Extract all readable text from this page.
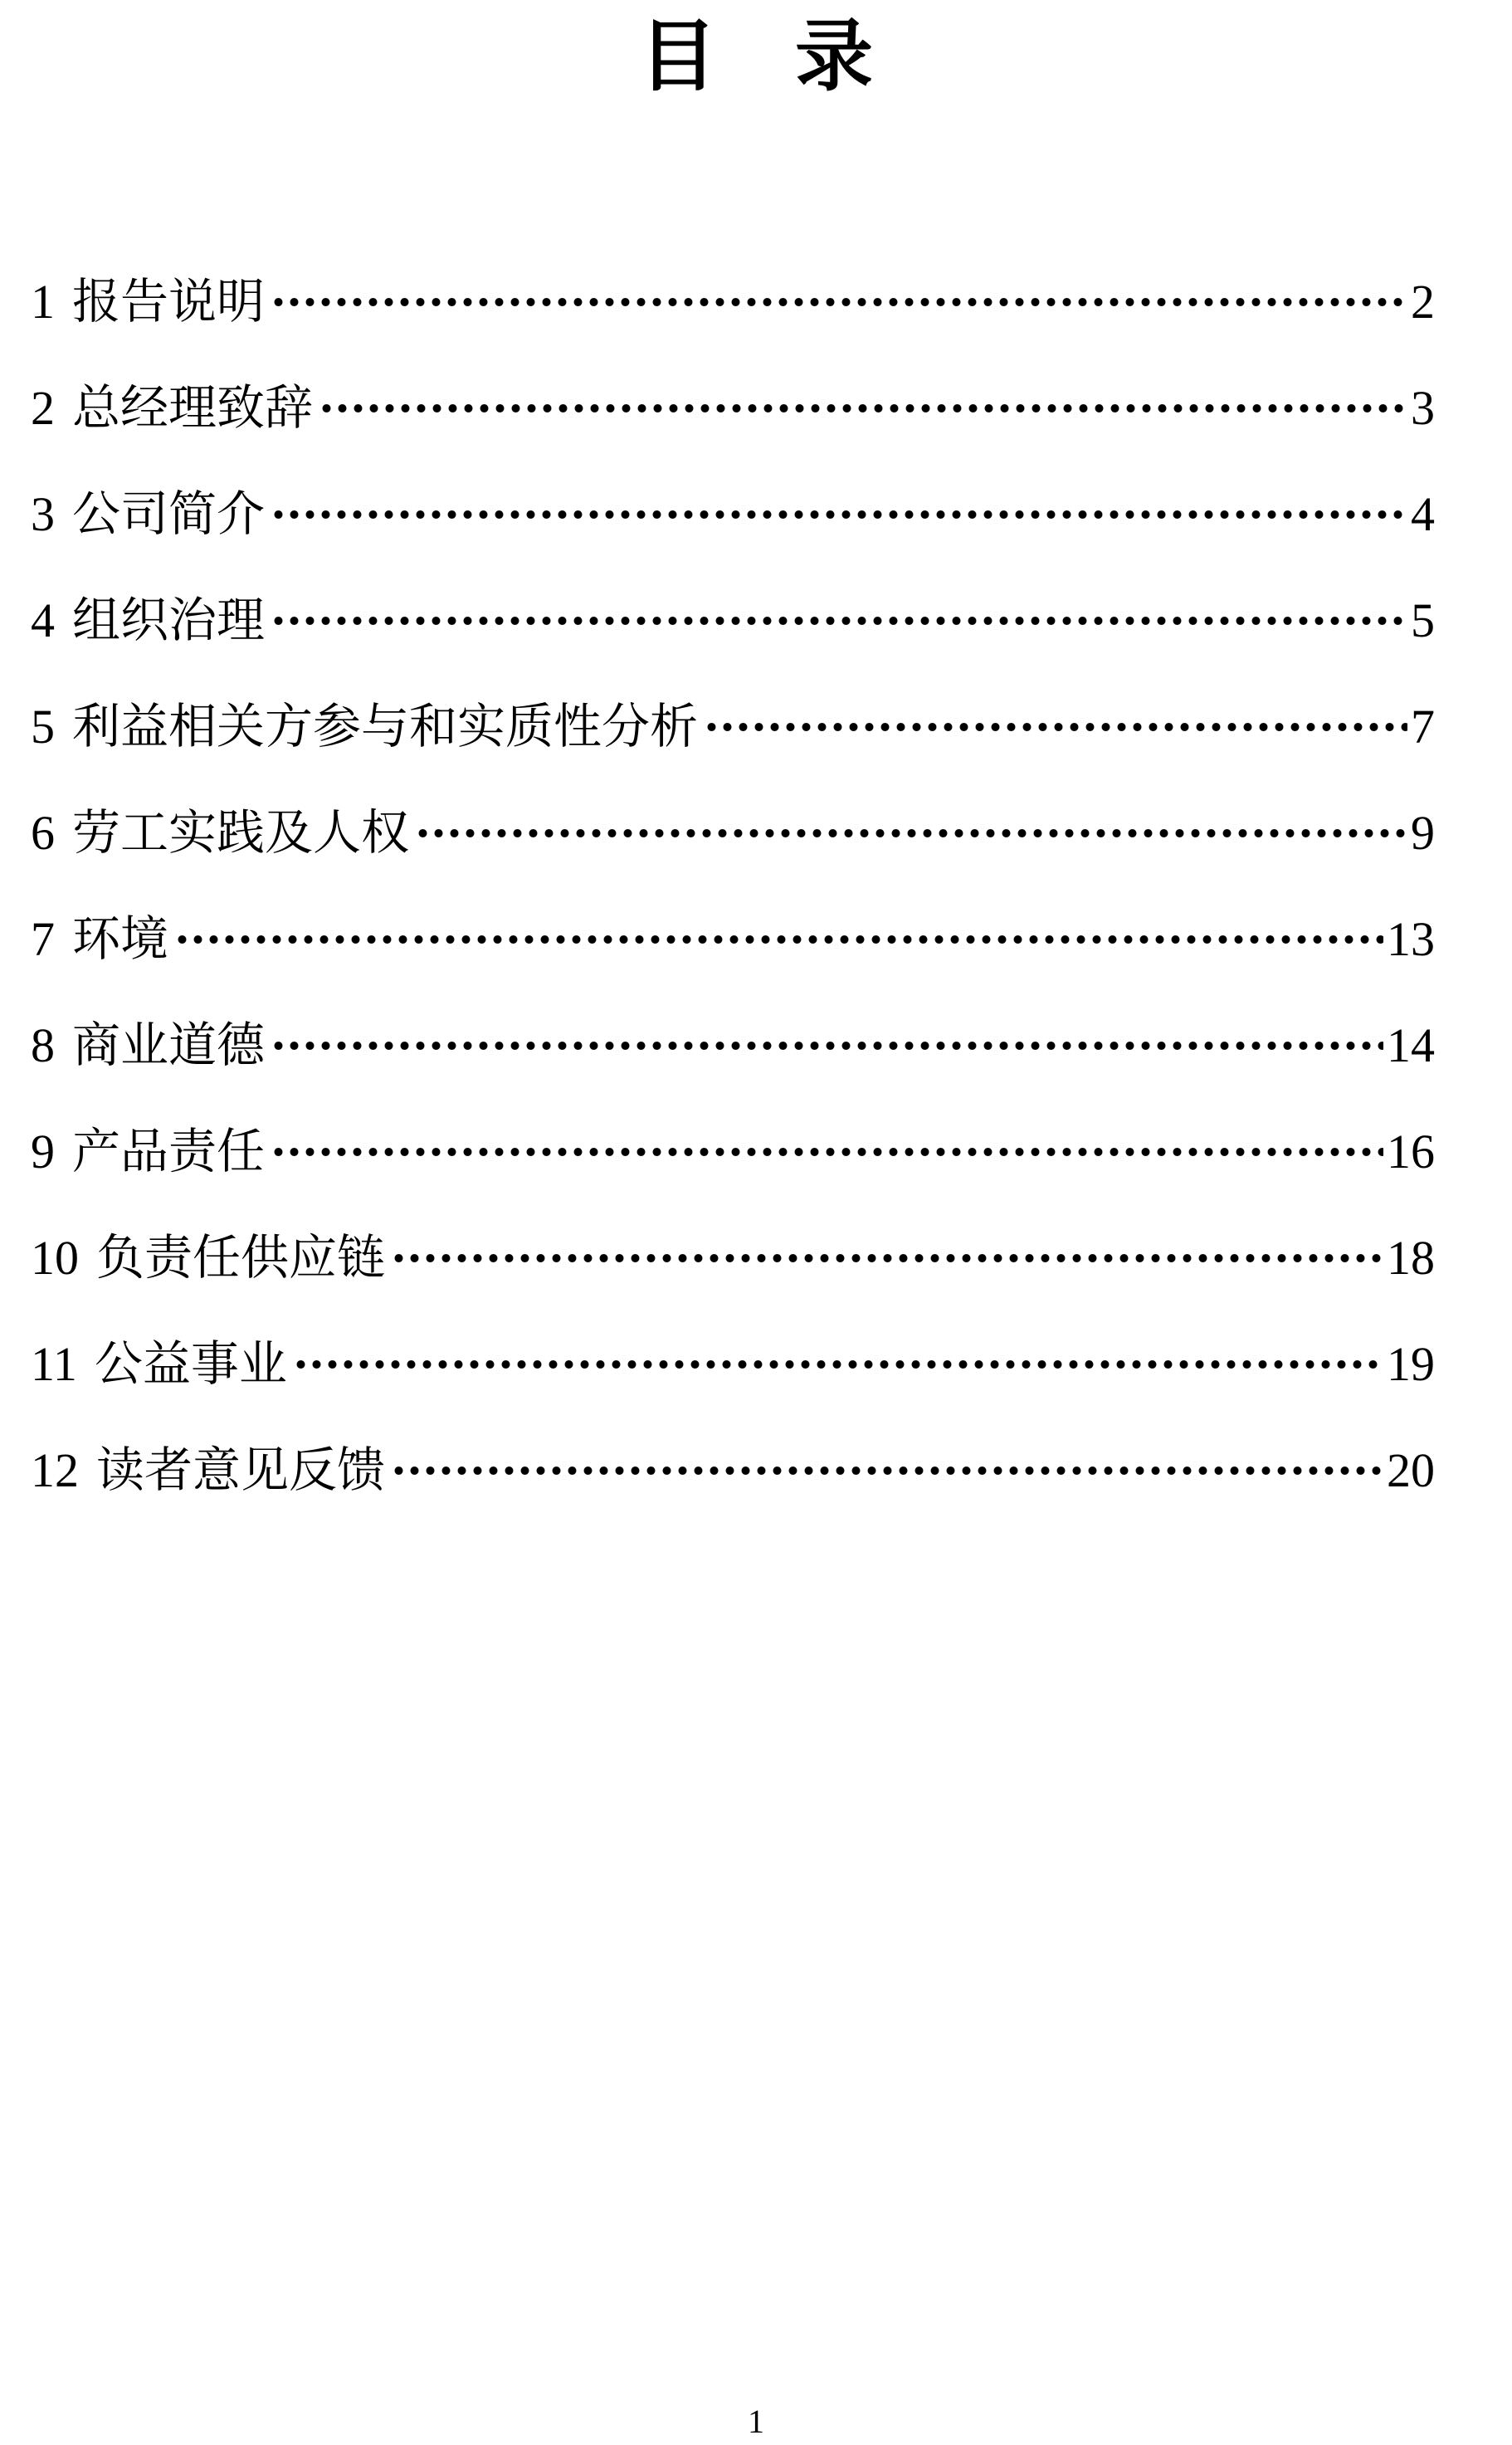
目　录
1 报告说明	2
2 总经理致辞	3
3 公司简介	4
4 组织治理	5
5 利益相关方参与和实质性分析	7
6 劳工实践及人权	9
7 环境	13
8 商业道德	14
9 产品责任	16
10 负责任供应链	18
11 公益事业	19
12 读者意见反馈	20
1
